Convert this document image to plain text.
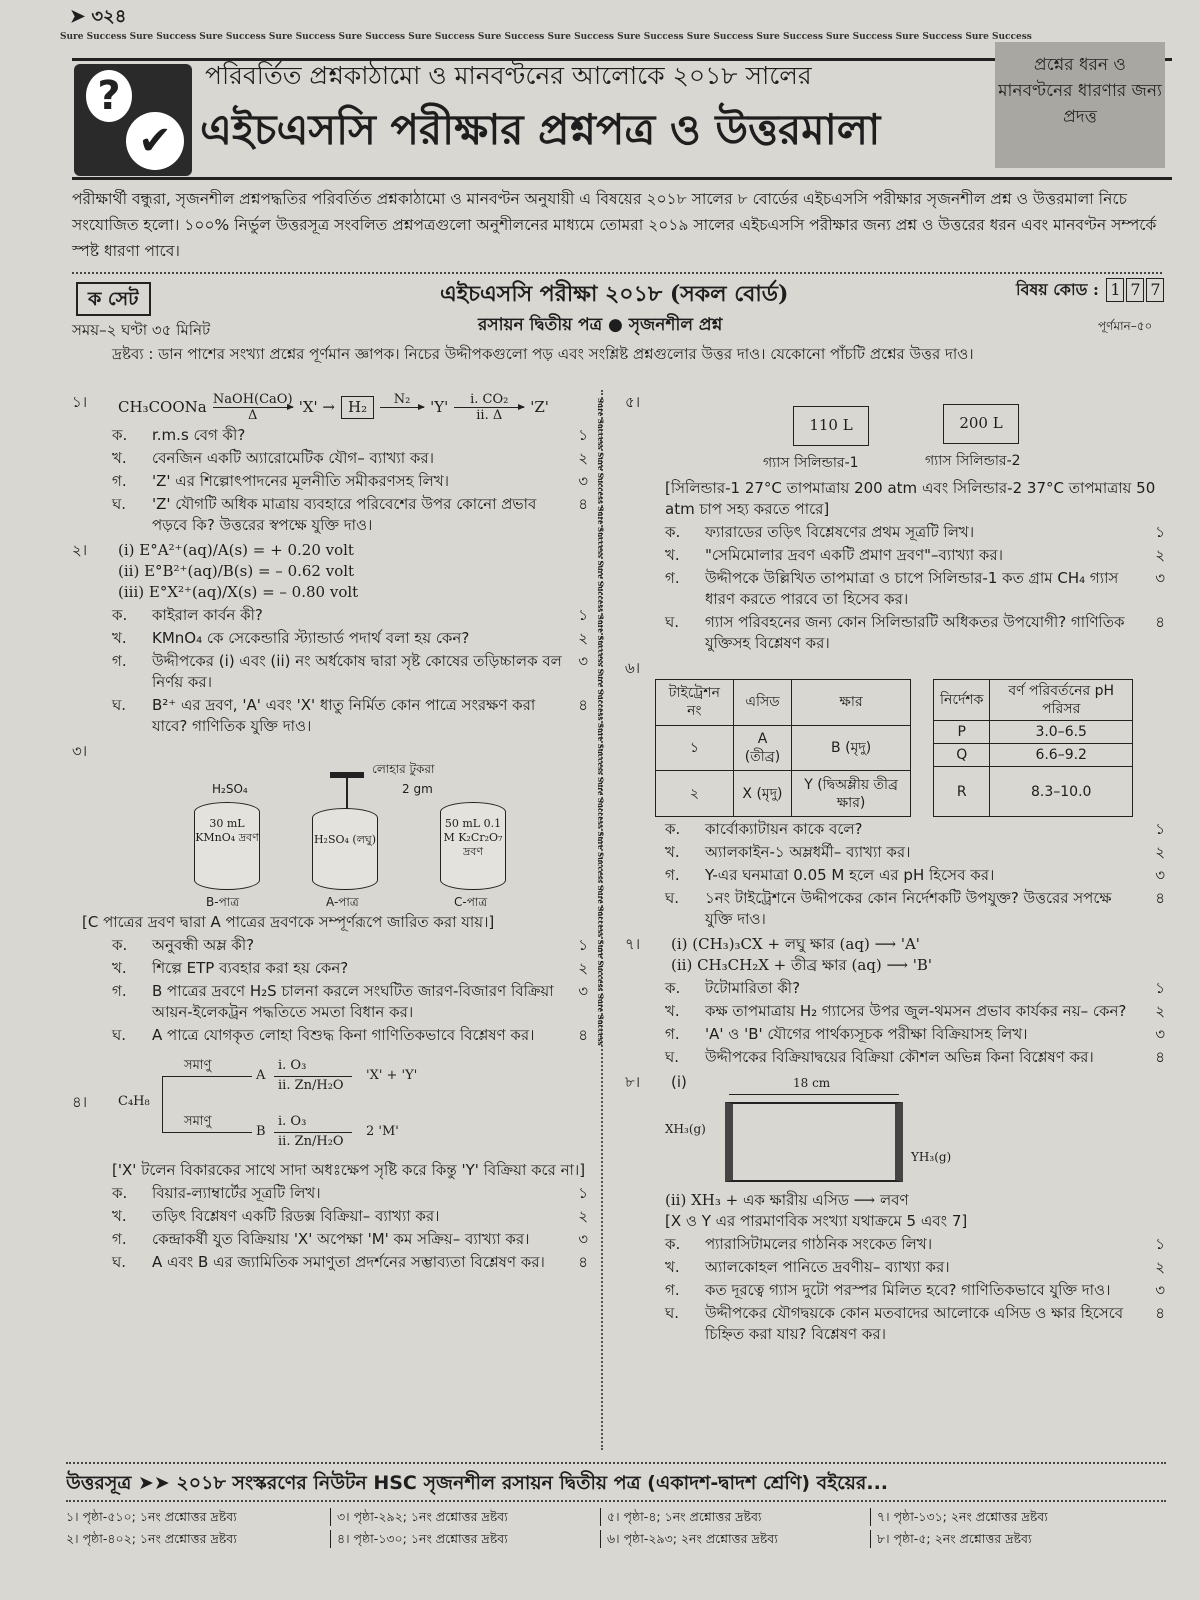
➤ ৩২৪
Sure Success Sure Success Sure Success Sure Success Sure Success Sure Success Sure Success Sure Success Sure Success Sure Success Sure Success Sure Success Sure Success Sure Success
?
✔
পরিবর্তিত প্রশ্নকাঠামো ও মানবণ্টনের আলোকে ২০১৮ সালের
এইচএসসি পরীক্ষার প্রশ্নপত্র ও উত্তরমালা
প্রশ্নের ধরন ও মানবণ্টনের ধারণার জন্য প্রদত্ত
পরীক্ষার্থী বন্ধুরা, সৃজনশীল প্রশ্নপদ্ধতির পরিবর্তিত প্রশ্নকাঠামো ও মানবণ্টন অনুযায়ী এ বিষয়ের ২০১৮ সালের ৮ বোর্ডের এইচএসসি পরীক্ষার সৃজনশীল প্রশ্ন ও উত্তরমালা নিচে সংযোজিত হলো। ১০০% নির্ভুল উত্তরসূত্র সংবলিত প্রশ্নপত্রগুলো অনুশীলনের মাধ্যমে তোমরা ২০১৯ সালের এইচএসসি পরীক্ষার জন্য প্রশ্ন ও উত্তরের ধরন এবং মানবণ্টন সম্পর্কে স্পষ্ট ধারণা পাবে।
ক সেট	এইচএসসি পরীক্ষা ২০১৮ (সকল বোর্ড)	বিষয় কোড : 1 7 7
সময়–২ ঘণ্টা ৩৫ মিনিট	রসায়ন দ্বিতীয় পত্র ● সৃজনশীল প্রশ্ন	পূর্ণমান–৫০
দ্রষ্টব্য : ডান পাশের সংখ্যা প্রশ্নের পূর্ণমান জ্ঞাপক। নিচের উদ্দীপকগুলো পড় এবং সংশ্লিষ্ট প্রশ্নগুলোর উত্তর দাও। যেকোনো পাঁচটি প্রশ্নের উত্তর দাও।
Sure Success Sure Success Sure Success Sure Success Sure Success Sure Success Sure Success Sure Success Sure Success Sure Success Sure Success Sure Success
১।	CH₃COONa NaOH(CaO)
Δ	'X' → H₂	N₂
'Y' i. CO₂
ii. Δ 'Z'
ক.	r.m.s বেগ কী?	১
খ.	বেনজিন একটি অ্যারোমেটিক যৌগ– ব্যাখ্যা কর।	২
গ.	'Z' এর শিল্পোৎপাদনের মূলনীতি সমীকরণসহ লিখ।	৩
ঘ.	'Z' যৌগটি অধিক মাত্রায় ব্যবহারে পরিবেশের উপর কোনো প্রভাব পড়বে কি? উত্তরের স্বপক্ষে যুক্তি দাও।
৪
২।	(i) E°A²⁺(aq)/A(s) = + 0.20 volt
(ii) E°B²⁺(aq)/B(s) = – 0.62 volt
(iii) E°X²⁺(aq)/X(s) = – 0.80 volt
ক.	কাইরাল কার্বন কী?	১
খ.	KMnO₄ কে সেকেন্ডারি স্ট্যান্ডার্ড পদার্থ বলা হয় কেন?	২
গ.	উদ্দীপকের (i) এবং (ii) নং অর্ধকোষ দ্বারা সৃষ্ট কোষের তড়িচ্চালক বল নির্ণয় কর।
৩
ঘ.	B²⁺ এর দ্রবণ, 'A' এবং 'X' ধাতু নির্মিত কোন পাত্রে সংরক্ষণ করা যাবে? গাণিতিক যুক্তি দাও।
৪
৩।
লোহার টুকরা
2 gm
H₂SO₄
30 mL KMnO₄ দ্রবণ	H₂SO₄ (লঘু)
50 mL 0.1 M K₂Cr₂O₇ দ্রবণ
B-পাত্র	A-পাত্র	C-পাত্র
[C পাত্রের দ্রবণ দ্বারা A পাত্রের দ্রবণকে সম্পূর্ণরূপে জারিত করা যায়।]
ক.	অনুবন্ধী অম্ল কী?	১
খ.	শিল্পে ETP ব্যবহার করা হয় কেন?	২
গ.	B পাত্রের দ্রবণে H₂S চালনা করলে সংঘটিত জারণ-বিজারণ বিক্রিয়া আয়ন-ইলেকট্রন পদ্ধতিতে সমতা বিধান কর।
৩
ঘ.	A পাত্রে যোগকৃত লোহা বিশুদ্ধ কিনা গাণিতিকভাবে বিশ্লেষণ কর।	৪
৪।	C₄H₈
সমাণু
A
i. O₃
ii. Zn/H₂O
'X' + 'Y'
সমাণু
B
i. O₃
ii. Zn/H₂O
2 'M'
['X' টলেন বিকারকের সাথে সাদা অধঃক্ষেপ সৃষ্টি করে কিন্তু 'Y' বিক্রিয়া করে না।]
ক.	বিয়ার-ল্যাম্বার্টের সূত্রটি লিখ।	১
খ.	তড়িৎ বিশ্লেষণ একটি রিডক্স বিক্রিয়া– ব্যাখ্যা কর।	২
গ.	কেন্দ্রাকর্ষী যুত বিক্রিয়ায় 'X' অপেক্ষা 'M' কম সক্রিয়– ব্যাখ্যা কর।	৩
ঘ.	A এবং B এর জ্যামিতিক সমাণুতা প্রদর্শনের সম্ভাব্যতা বিশ্লেষণ কর।	৪
৫।
110 L	200 L
গ্যাস সিলিন্ডার-1	গ্যাস সিলিন্ডার-2
[সিলিন্ডার-1 27°C তাপমাত্রায় 200 atm এবং সিলিন্ডার-2 37°C তাপমাত্রায় 50 atm চাপ সহ্য করতে পারে]
ক.	ফ্যারাডের তড়িৎ বিশ্লেষণের প্রথম সূত্রটি লিখ।	১
খ.	"সেমিমোলার দ্রবণ একটি প্রমাণ দ্রবণ"–ব্যাখ্যা কর।	২
গ.	উদ্দীপকে উল্লিখিত তাপমাত্রা ও চাপে সিলিন্ডার-1 কত গ্রাম CH₄ গ্যাস ধারণ করতে পারবে তা হিসেব কর।
৩
ঘ.	গ্যাস পরিবহনের জন্য কোন সিলিন্ডারটি অধিকতর উপযোগী? গাণিতিক যুক্তিসহ বিশ্লেষণ কর।
৪
৬।
টাইট্রেশন নং	এসিড	ক্ষার
১	A (তীব্র)	B (মৃদু)
২	X (মৃদু)	Y (দ্বিঅম্লীয় তীব্র ক্ষার)
নির্দেশক	বর্ণ পরিবর্তনের pH পরিসর
P	3.0–6.5
Q	6.6–9.2
R	8.3–10.0
ক.	কার্বোক্যাটায়ন কাকে বলে?	১
খ.	অ্যালকাইন-১ অম্লধর্মী– ব্যাখ্যা কর।	২
গ.	Y-এর ঘনমাত্রা 0.05 M হলে এর pH হিসেব কর।	৩
ঘ.	১নং টাইট্রেশনে উদ্দীপকের কোন নির্দেশকটি উপযুক্ত? উত্তরের সপক্ষে যুক্তি দাও।
৪
৭।	(i) (CH₃)₃CX + লঘু ক্ষার (aq) ⟶ 'A'
(ii) CH₃CH₂X + তীব্র ক্ষার (aq) ⟶ 'B'
ক.	টটোমারিতা কী?	১
খ.	কক্ষ তাপমাত্রায় H₂ গ্যাসের উপর জুল-থমসন প্রভাব কার্যকর নয়– কেন?	২
গ.	'A' ও 'B' যৌগের পার্থক্যসূচক পরীক্ষা বিক্রিয়াসহ লিখ।	৩
ঘ.	উদ্দীপকের বিক্রিয়াদ্বয়ের বিক্রিয়া কৌশল অভিন্ন কিনা বিশ্লেষণ কর।	৪
৮।	(i)	18 cm
XH₃(g)
YH₃(g)
(ii) XH₃ + এক ক্ষারীয় এসিড ⟶ লবণ
[X ও Y এর পারমাণবিক সংখ্যা যথাক্রমে 5 এবং 7]
ক.	প্যারাসিটামলের গাঠনিক সংকেত লিখ।	১
খ.	অ্যালকোহল পানিতে দ্রবণীয়– ব্যাখ্যা কর।	২
গ.	কত দূরত্বে গ্যাস দুটো পরস্পর মিলিত হবে? গাণিতিকভাবে যুক্তি দাও।	৩
ঘ.	উদ্দীপকের যৌগদ্বয়কে কোন মতবাদের আলোকে এসিড ও ক্ষার হিসেবে চিহ্নিত করা যায়? বিশ্লেষণ কর।
৪
উত্তরসূত্র ➤➤ ২০১৮ সংস্করণের নিউটন HSC সৃজনশীল রসায়ন দ্বিতীয় পত্র (একাদশ-দ্বাদশ শ্রেণি) বইয়ের...
১। পৃষ্ঠা-৫১০; ১নং প্রশ্নোত্তর দ্রষ্টব্য	৩। পৃষ্ঠা-২৯২; ১নং প্রশ্নোত্তর দ্রষ্টব্য	৫। পৃষ্ঠা-৪; ১নং প্রশ্নোত্তর দ্রষ্টব্য	৭। পৃষ্ঠা-১৩১; ২নং প্রশ্নোত্তর দ্রষ্টব্য
২। পৃষ্ঠা-৪০২; ১নং প্রশ্নোত্তর দ্রষ্টব্য	৪। পৃষ্ঠা-১৩০; ১নং প্রশ্নোত্তর দ্রষ্টব্য	৬। পৃষ্ঠা-২৯৩; ২নং প্রশ্নোত্তর দ্রষ্টব্য	৮। পৃষ্ঠা-৫; ২নং প্রশ্নোত্তর দ্রষ্টব্য
